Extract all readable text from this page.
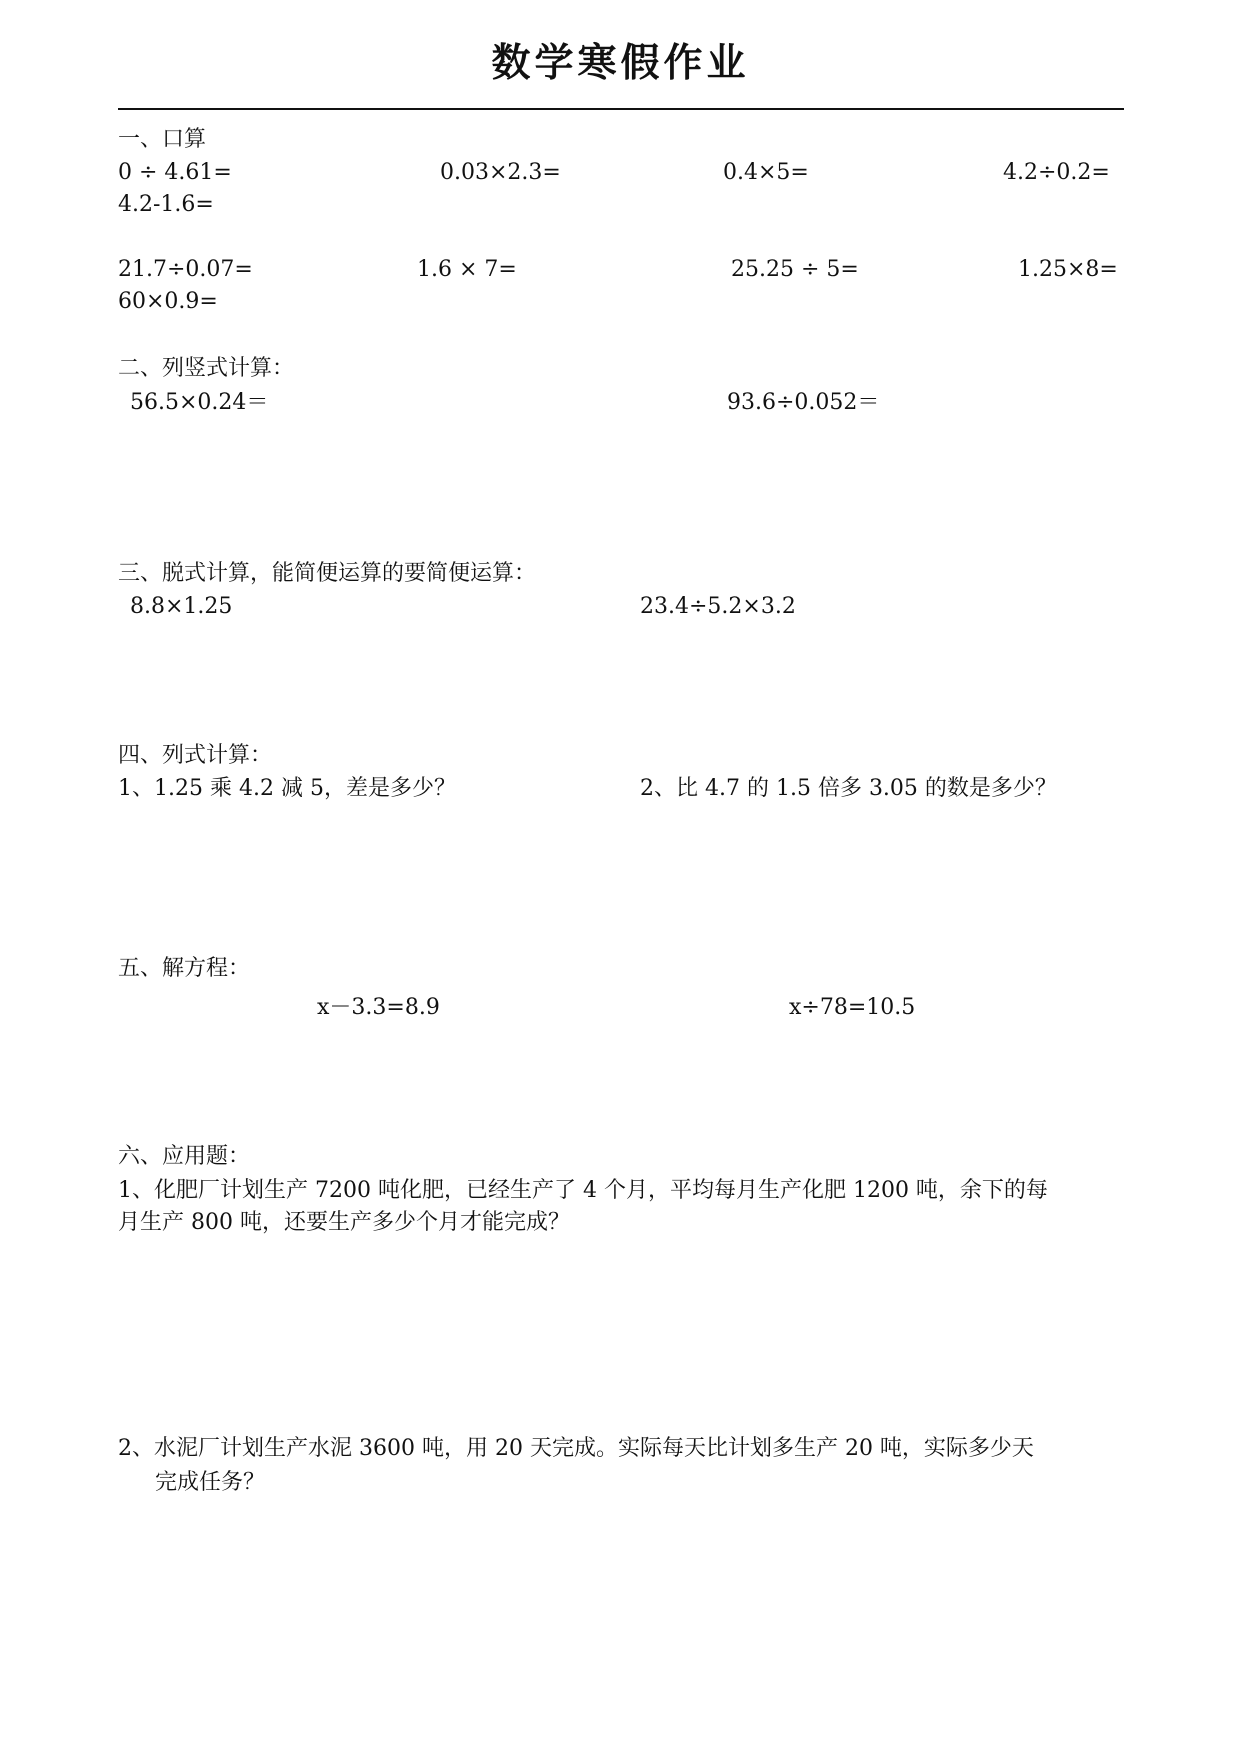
数学寒假作业
一、口算
0 ÷ 4.61=	0.03×2.3=	0.4×5=	4.2÷0.2=
4.2-1.6=
21.7÷0.07=	1.6 × 7=	25.25 ÷ 5=	1.25×8=
60×0.9=
二、列竖式计算：
56.5×0.24＝	93.6÷0.052＝
三、脱式计算，能简便运算的要简便运算：
8.8×1.25	23.4÷5.2×3.2
四、列式计算：
1、1.25 乘 4.2 减 5，差是多少？	2、比 4.7 的 1.5 倍多 3.05 的数是多少？
五、解方程：
x－3.3=8.9	x÷78=10.5
六、应用题：
1、化肥厂计划生产 7200 吨化肥，已经生产了 4 个月，平均每月生产化肥 1200 吨，余下的每
月生产 800 吨，还要生产多少个月才能完成？
2、水泥厂计划生产水泥 3600 吨，用 20 天完成。实际每天比计划多生产 20 吨，实际多少天
完成任务？
